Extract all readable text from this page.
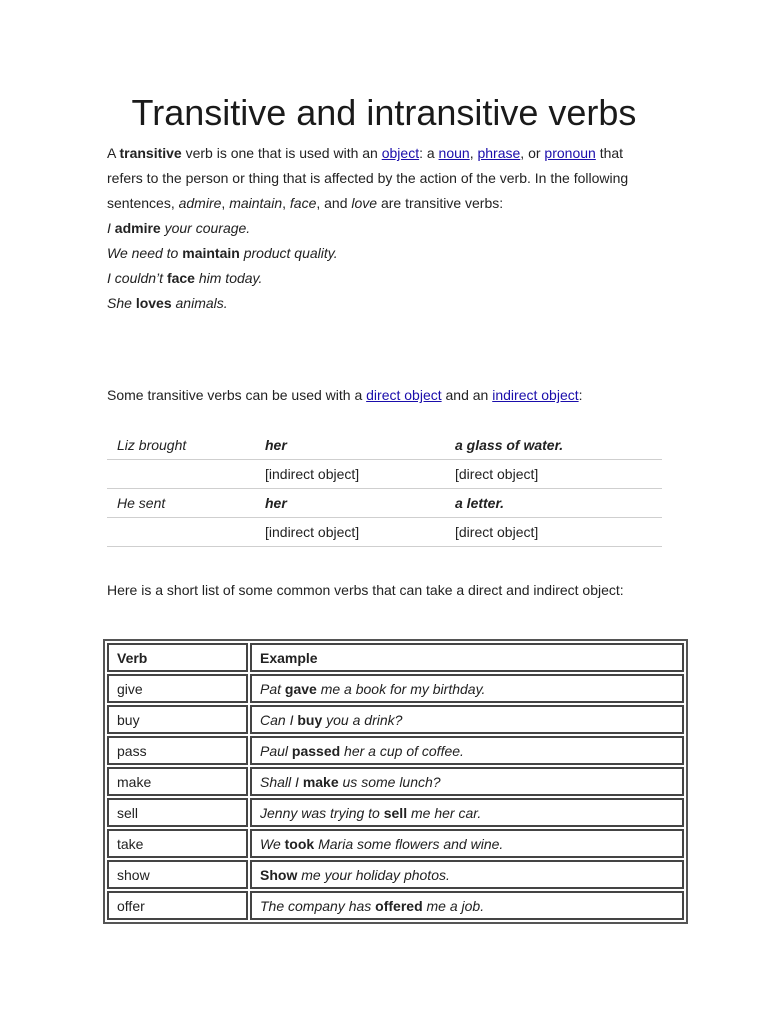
Transitive and intransitive verbs

A transitive verb is one that is used with an object: a noun, phrase, or pronoun that refers to the person or thing that is affected by the action of the verb. In the following sentences, admire, maintain, face, and love are transitive verbs:

I admire your courage.
We need to maintain product quality.
I couldn’t face him today.
She loves animals.

Some transitive verbs can be used with a direct object and an indirect object:

Liz brought	her	a glass of water.
	[indirect object]	[direct object]
He sent	her	a letter.
	[indirect object]	[direct object]

Here is a short list of some common verbs that can take a direct and indirect object:

Verb	Example
give	Pat gave me a book for my birthday.
buy	Can I buy you a drink?
pass	Paul passed her a cup of coffee.
make	Shall I make us some lunch?
sell	Jenny was trying to sell me her car.
take	We took Maria some flowers and wine.
show	Show me your holiday photos.
offer	The company has offered me a job.
